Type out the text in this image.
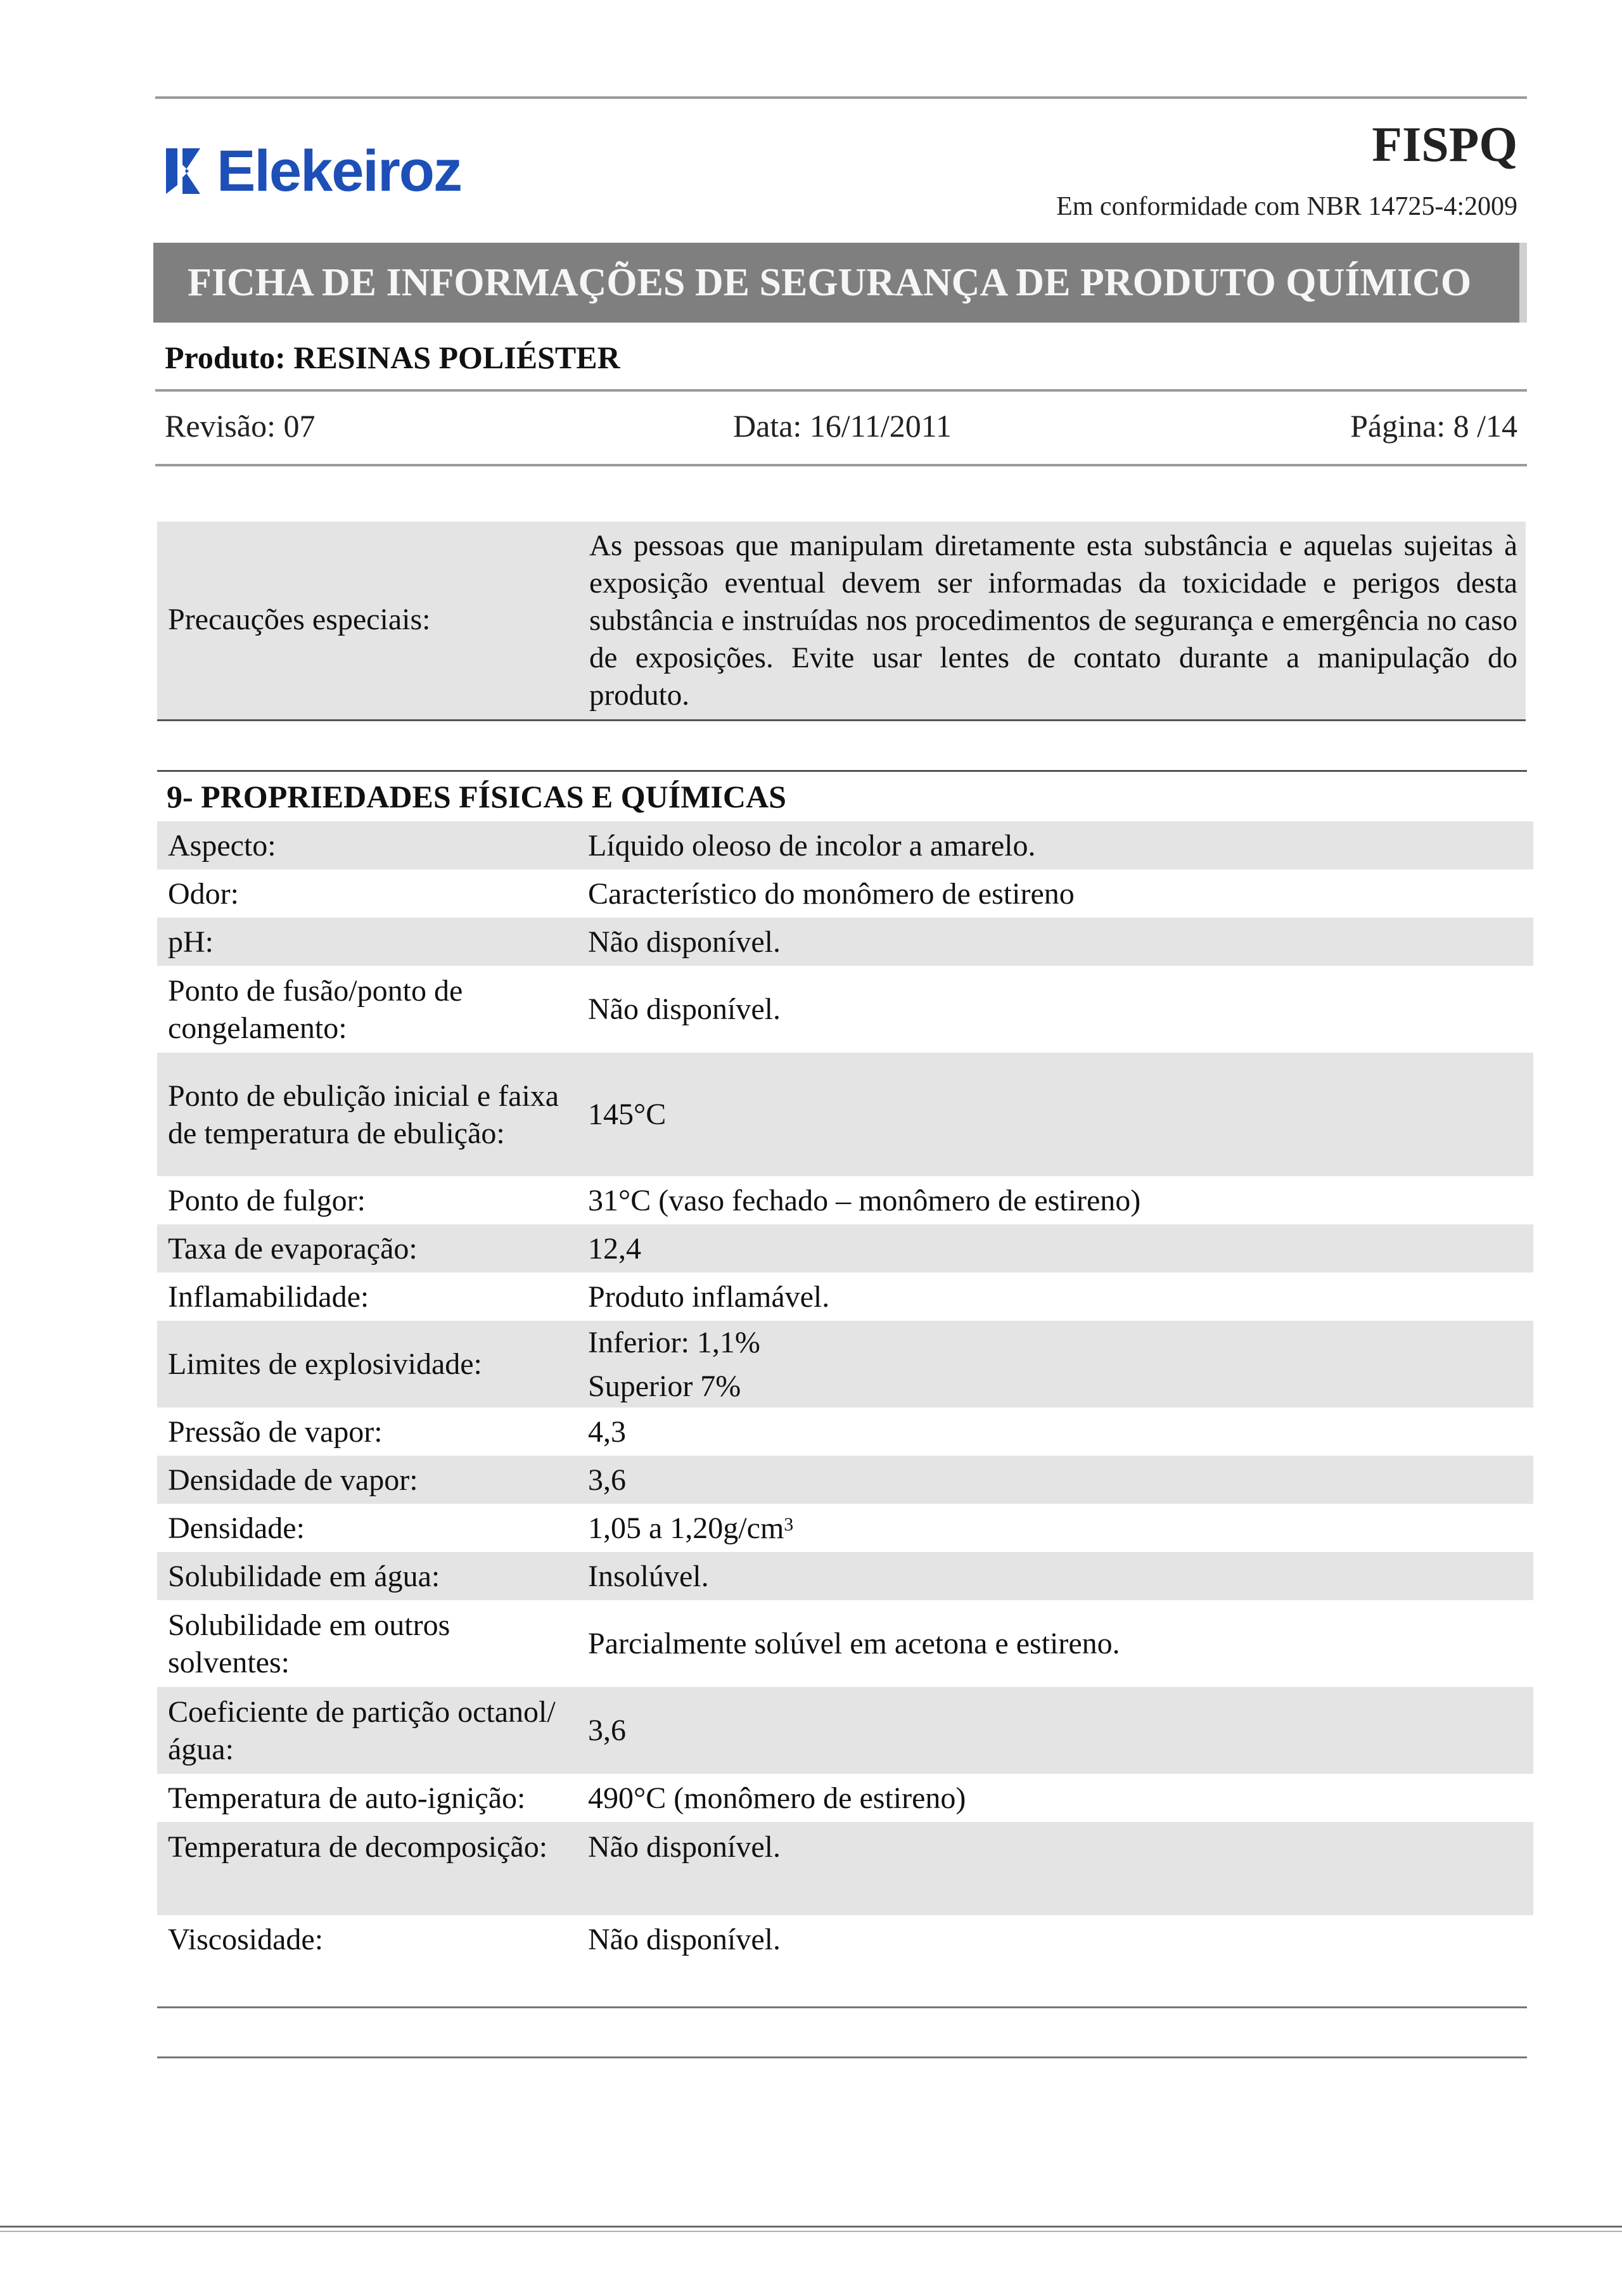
Elekeiroz	FISPQ
Em conformidade com NBR 14725-4:2009
FICHA DE INFORMAÇÕES DE SEGURANÇA DE PRODUTO QUÍMICO
Produto: RESINAS POLIÉSTER
Revisão: 07	Data: 16/11/2011	Página: 8 /14
Precauções especiais:
As pessoas que manipulam diretamente esta substância e aquelas sujeitas à exposição eventual devem ser informadas da toxicidade e perigos desta substância e instruídas nos procedimentos de segurança e emergência no caso de exposições. Evite usar lentes de contato durante a manipulação do produto.
9- PROPRIEDADES FÍSICAS E QUÍMICAS
Aspecto:	Líquido oleoso de incolor a amarelo.
Odor:	Característico do monômero de estireno
pH:	Não disponível.
Ponto de fusão/ponto de congelamento:	Não disponível.
Ponto de ebulição inicial e faixa de temperatura de ebulição:	145°C
Ponto de fulgor:	31°C (vaso fechado – monômero de estireno)
Taxa de evaporação:	12,4
Inflamabilidade:	Produto inflamável.
Limites de explosividade:	Inferior: 1,1%
Superior 7%

Pressão de vapor:	4,3
Densidade de vapor:	3,6
Densidade:	1,05 a $1,20g/cm^3$
Solubilidade em água:	Insolúvel.
Solubilidade em outros solventes:	Parcialmente solúvel em acetona e estireno.
Coeficiente de partição octanol/água:	3,6
Temperatura de auto-ignição:	490°C (monômero de estireno)
Temperatura de decomposição:	Não disponível.
Viscosidade:	Não disponível.
